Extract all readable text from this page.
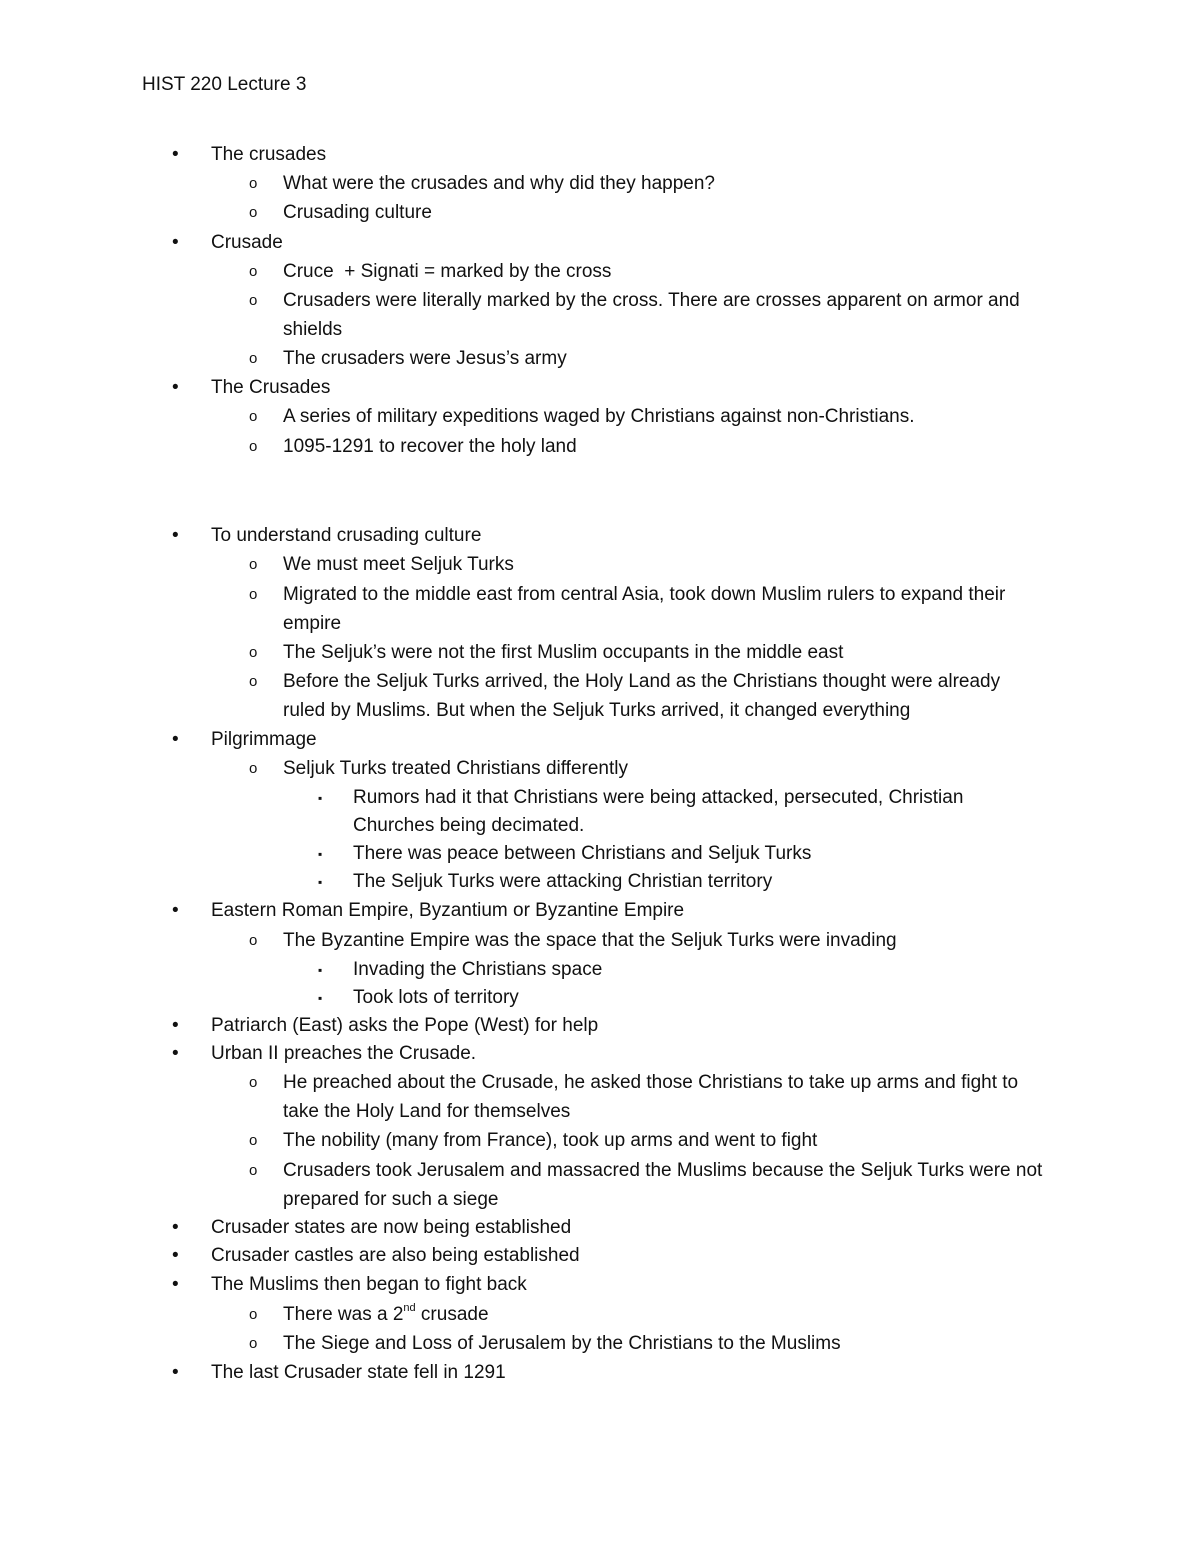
HIST 220 Lecture 3
• The crusades
o What were the crusades and why did they happen?
o Crusading culture
• Crusade
o Cruce  + Signati = marked by the cross
o Crusaders were literally marked by the cross. There are crosses apparent on armor and
shields
o The crusaders were Jesus’s army
• The Crusades
o A series of military expeditions waged by Christians against non-Christians.
o 1095-1291 to recover the holy land
• To understand crusading culture
o We must meet Seljuk Turks
o Migrated to the middle east from central Asia, took down Muslim rulers to expand their
empire
o The Seljuk’s were not the first Muslim occupants in the middle east
o Before the Seljuk Turks arrived, the Holy Land as the Christians thought were already
ruled by Muslims. But when the Seljuk Turks arrived, it changed everything
• Pilgrimmage
o Seljuk Turks treated Christians differently
▪ Rumors had it that Christians were being attacked, persecuted, Christian
Churches being decimated.
▪ There was peace between Christians and Seljuk Turks
▪ The Seljuk Turks were attacking Christian territory
• Eastern Roman Empire, Byzantium or Byzantine Empire
o The Byzantine Empire was the space that the Seljuk Turks were invading
▪ Invading the Christians space
▪ Took lots of territory
• Patriarch (East) asks the Pope (West) for help
• Urban II preaches the Crusade.
o He preached about the Crusade, he asked those Christians to take up arms and fight to
take the Holy Land for themselves
o The nobility (many from France), took up arms and went to fight
o Crusaders took Jerusalem and massacred the Muslims because the Seljuk Turks were not
prepared for such a siege
• Crusader states are now being established
• Crusader castles are also being established
• The Muslims then began to fight back
o There was a 2nd crusade
o The Siege and Loss of Jerusalem by the Christians to the Muslims
• The last Crusader state fell in 1291
